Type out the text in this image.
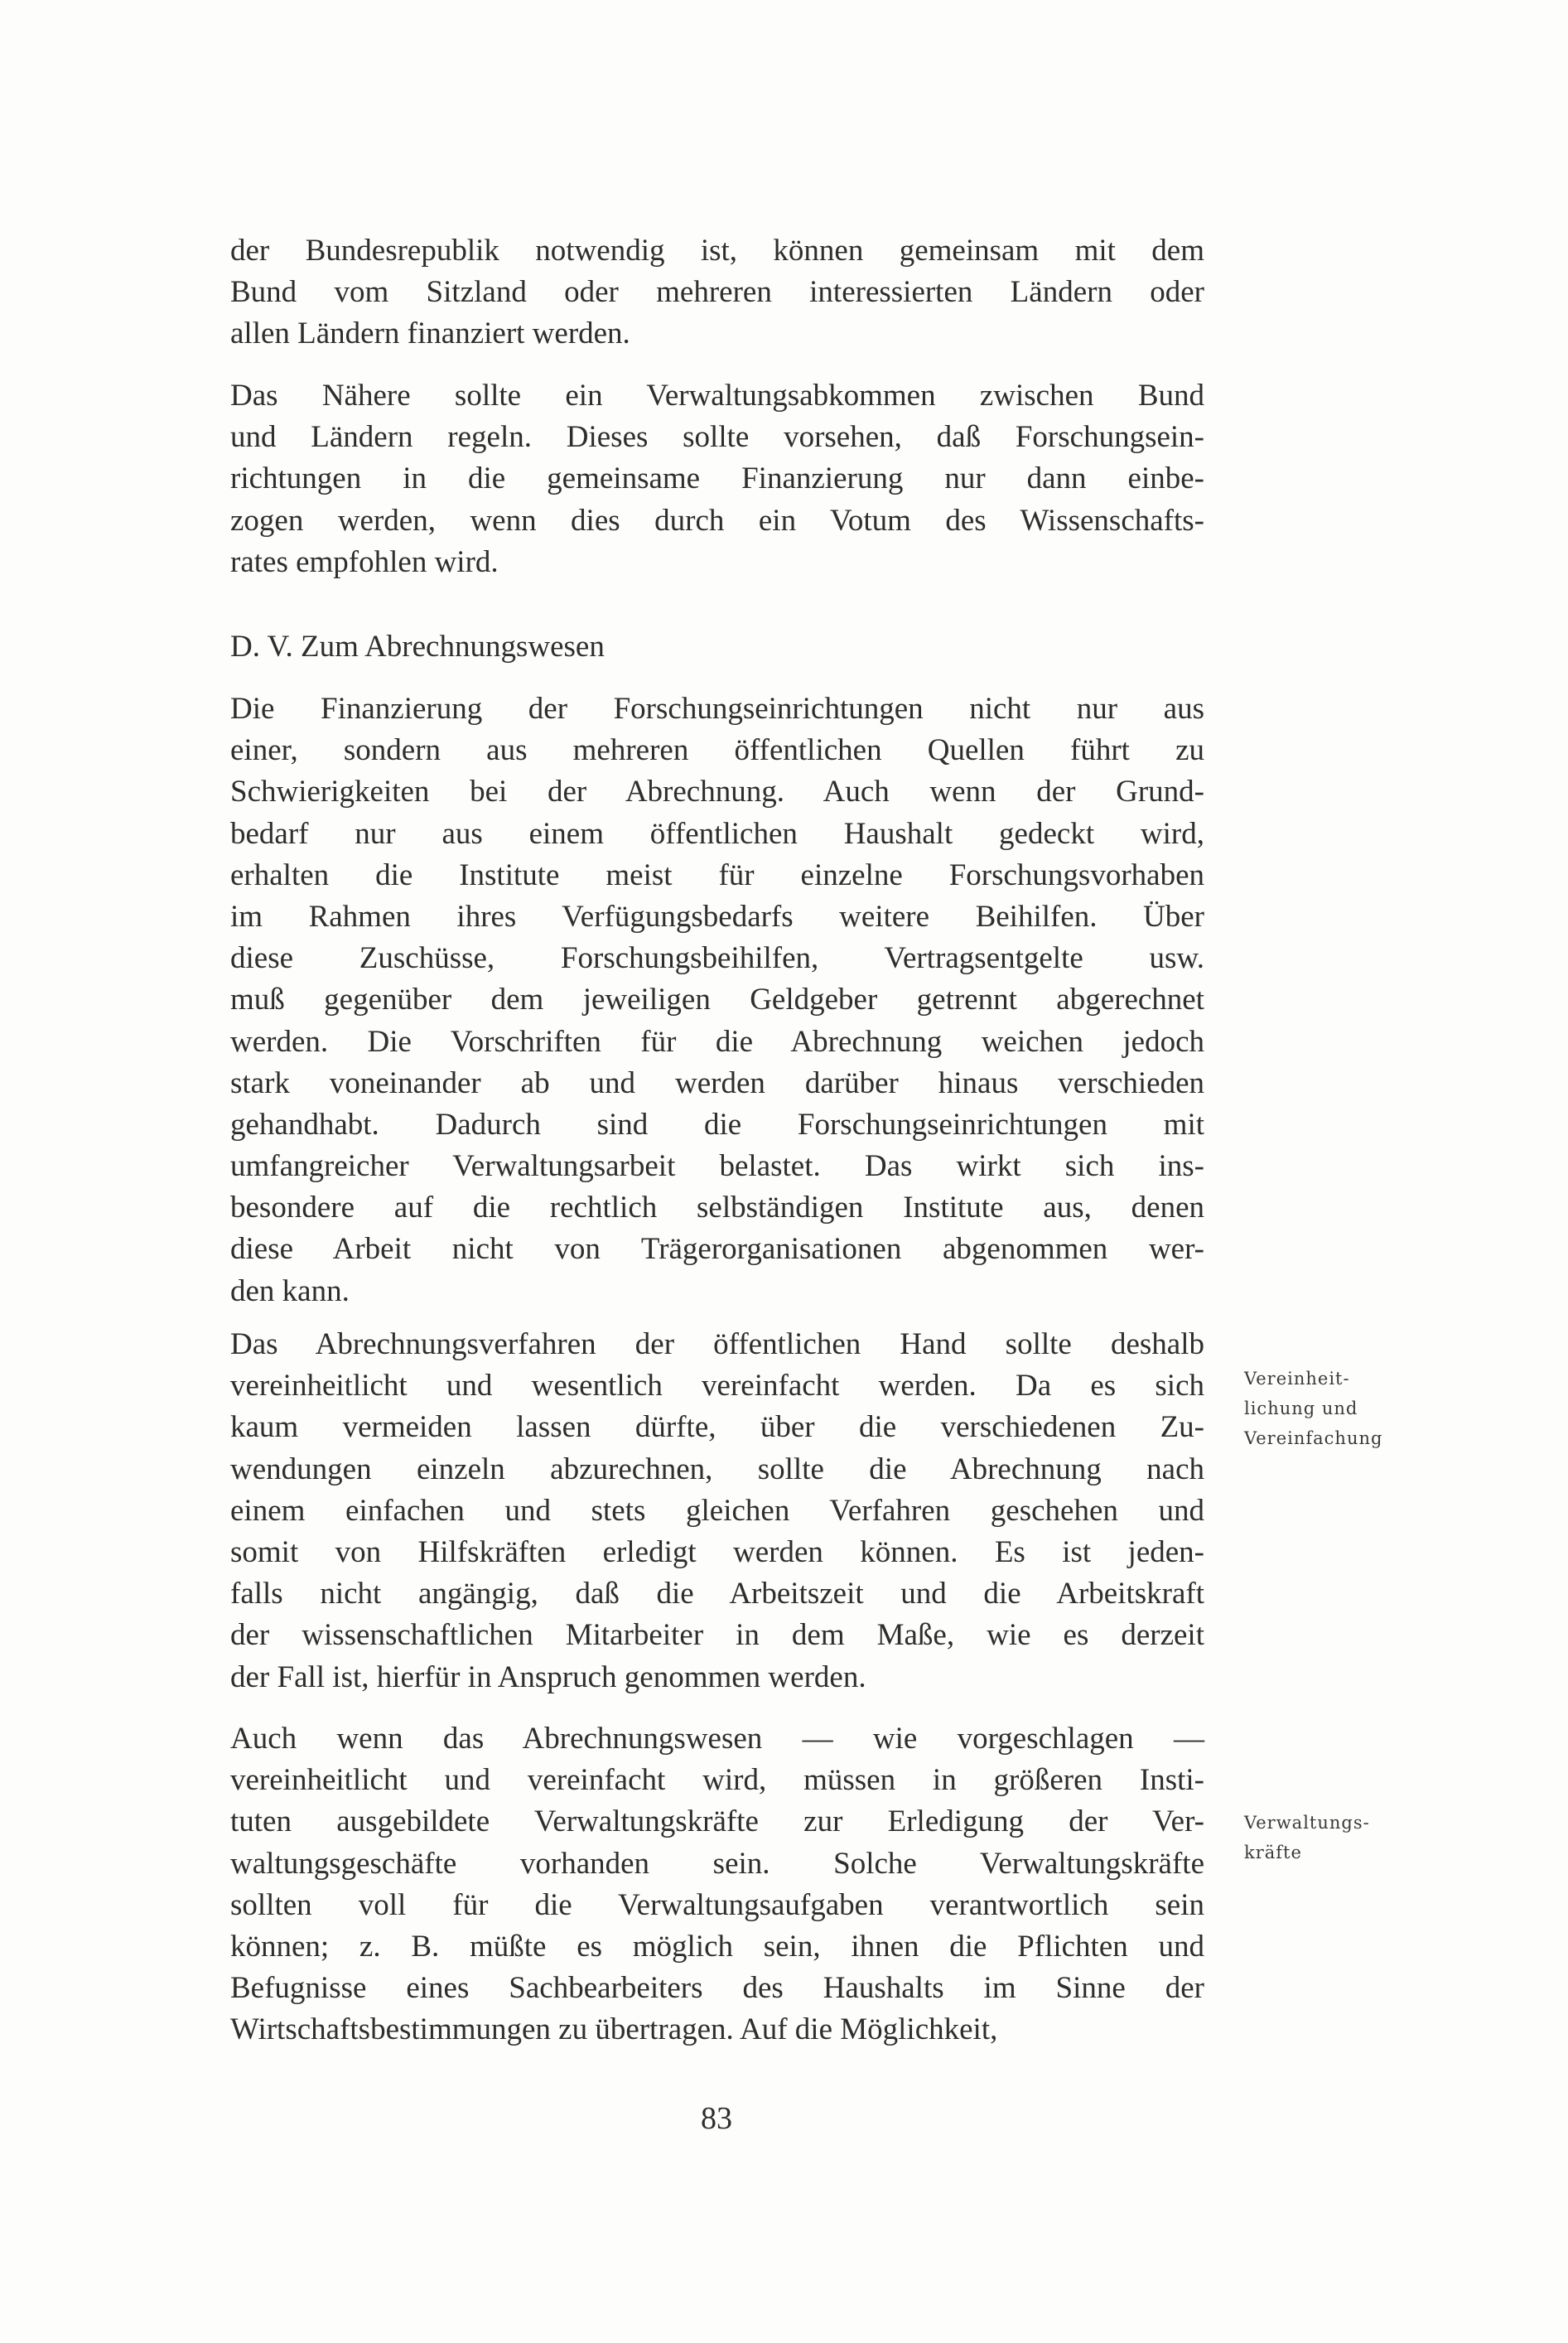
der Bundesrepublik notwendig ist, können gemeinsam mit dem
Bund vom Sitzland oder mehreren interessierten Ländern oder
allen Ländern finanziert werden.
Das Nähere sollte ein Verwaltungsabkommen zwischen Bund
und Ländern regeln. Dieses sollte vorsehen, daß Forschungsein-
richtungen in die gemeinsame Finanzierung nur dann einbe-
zogen werden, wenn dies durch ein Votum des Wissenschafts-
rates empfohlen wird.
D. V. Zum Abrechnungswesen
Die Finanzierung der Forschungseinrichtungen nicht nur aus
einer, sondern aus mehreren öffentlichen Quellen führt zu
Schwierigkeiten bei der Abrechnung. Auch wenn der Grund-
bedarf nur aus einem öffentlichen Haushalt gedeckt wird,
erhalten die Institute meist für einzelne Forschungsvorhaben
im Rahmen ihres Verfügungsbedarfs weitere Beihilfen. Über
diese Zuschüsse, Forschungsbeihilfen, Vertragsentgelte usw.
muß gegenüber dem jeweiligen Geldgeber getrennt abgerechnet
werden. Die Vorschriften für die Abrechnung weichen jedoch
stark voneinander ab und werden darüber hinaus verschieden
gehandhabt. Dadurch sind die Forschungseinrichtungen mit
umfangreicher Verwaltungsarbeit belastet. Das wirkt sich ins-
besondere auf die rechtlich selbständigen Institute aus, denen
diese Arbeit nicht von Trägerorganisationen abgenommen wer-
den kann.
Das Abrechnungsverfahren der öffentlichen Hand sollte deshalb
vereinheitlicht und wesentlich vereinfacht werden. Da es sich
kaum vermeiden lassen dürfte, über die verschiedenen Zu-
wendungen einzeln abzurechnen, sollte die Abrechnung nach
einem einfachen und stets gleichen Verfahren geschehen und
somit von Hilfskräften erledigt werden können. Es ist jeden-
falls nicht angängig, daß die Arbeitszeit und die Arbeitskraft
der wissenschaftlichen Mitarbeiter in dem Maße, wie es derzeit
der Fall ist, hierfür in Anspruch genommen werden.
Auch wenn das Abrechnungswesen — wie vorgeschlagen —
vereinheitlicht und vereinfacht wird, müssen in größeren Insti-
tuten ausgebildete Verwaltungskräfte zur Erledigung der Ver-
waltungsgeschäfte vorhanden sein. Solche Verwaltungskräfte
sollten voll für die Verwaltungsaufgaben verantwortlich sein
können; z. B. müßte es möglich sein, ihnen die Pflichten und
Befugnisse eines Sachbearbeiters des Haushalts im Sinne der
Wirtschaftsbestimmungen zu übertragen. Auf die Möglichkeit,
Vereinheit-
lichung und
Vereinfachung
Verwaltungs-
kräfte
83
